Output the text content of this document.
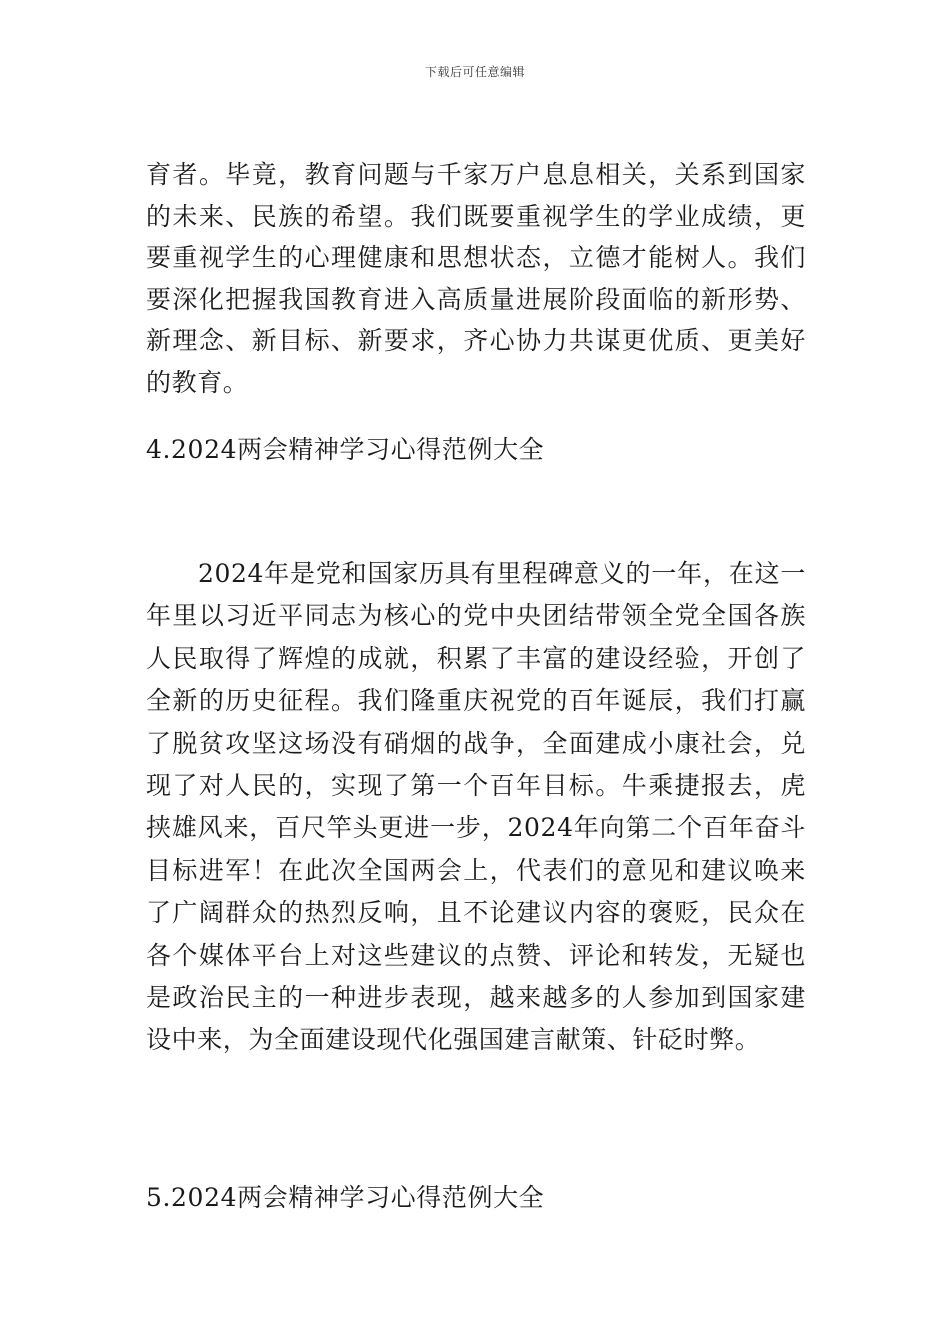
下载后可任意编辑

育者。毕竟，教育问题与千家万户息息相关，关系到国家的未来、民族的希望。我们既要重视学生的学业成绩，更要重视学生的心理健康和思想状态，立德才能树人。我们要深化把握我国教育进入高质量进展阶段面临的新形势、新理念、新目标、新要求，齐心协力共谋更优质、更美好的教育。

4.2024两会精神学习心得范例大全

2024年是党和国家历具有里程碑意义的一年，在这一年里以习近平同志为核心的党中央团结带领全党全国各族人民取得了辉煌的成就，积累了丰富的建设经验，开创了全新的历史征程。我们隆重庆祝党的百年诞辰，我们打赢了脱贫攻坚这场没有硝烟的战争，全面建成小康社会，兑现了对人民的，实现了第一个百年目标。牛乘捷报去，虎挟雄风来，百尺竿头更进一步，2024年向第二个百年奋斗目标进军！在此次全国两会上，代表们的意见和建议唤来了广阔群众的热烈反响，且不论建议内容的褒贬，民众在各个媒体平台上对这些建议的点赞、评论和转发，无疑也是政治民主的一种进步表现，越来越多的人参加到国家建设中来，为全面建设现代化强国建言献策、针砭时弊。

5.2024两会精神学习心得范例大全
